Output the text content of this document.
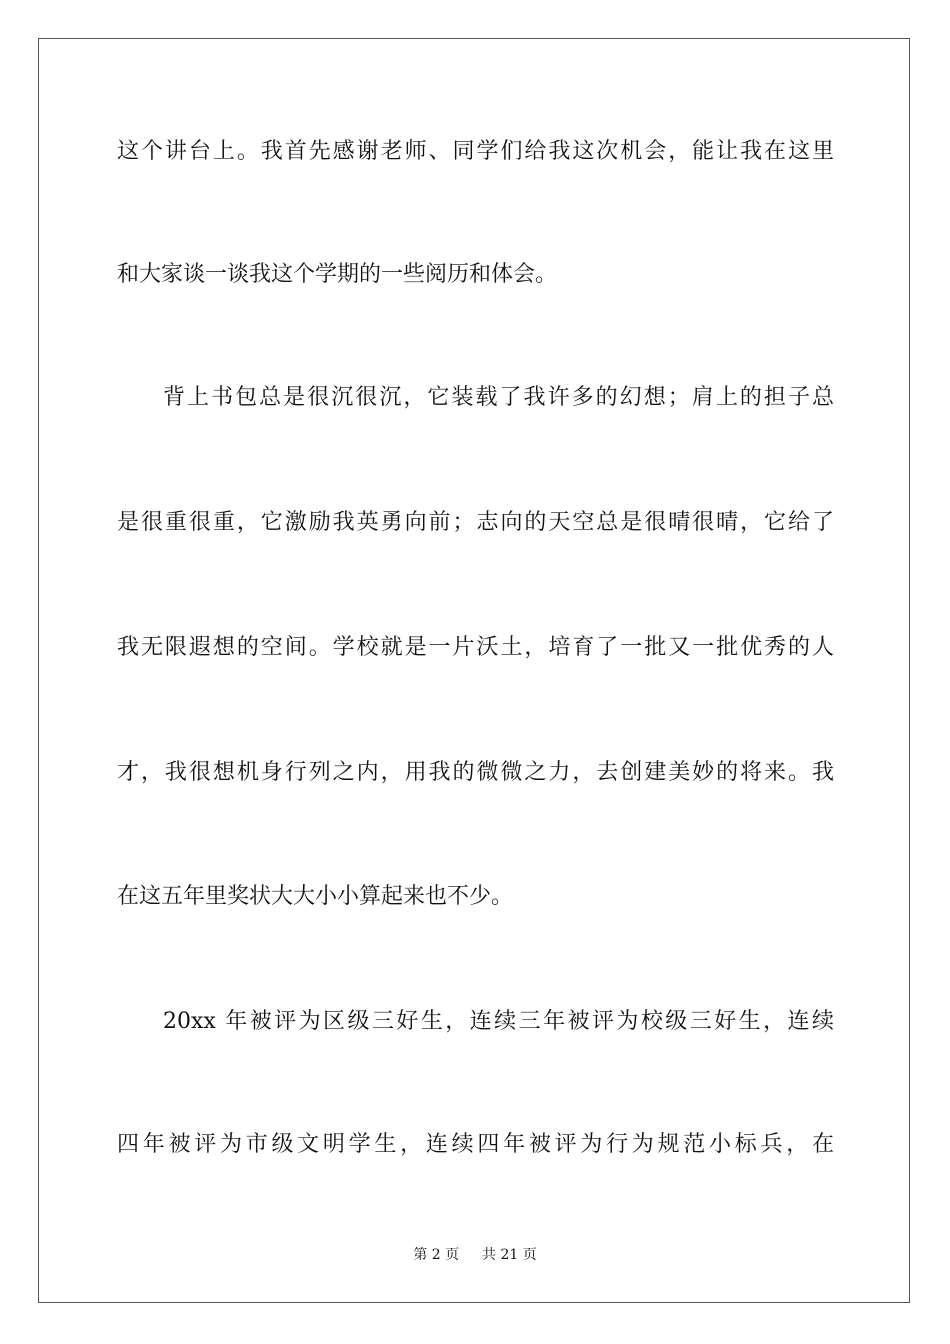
这个讲台上。我首先感谢老师、同学们给我这次机会，能让我在这里
和大家谈一谈我这个学期的一些阅历和体会。
背上书包总是很沉很沉，它装载了我许多的幻想；肩上的担子总
是很重很重，它激励我英勇向前；志向的天空总是很晴很晴，它给了
我无限遐想的空间。学校就是一片沃土，培育了一批又一批优秀的人
才，我很想机身行列之内，用我的微微之力，去创建美妙的将来。我
在这五年里奖状大大小小算起来也不少。
20xx 年被评为区级三好生，连续三年被评为校级三好生，连续
四年被评为市级文明学生，连续四年被评为行为规范小标兵，在
第 2 页 共 21 页
